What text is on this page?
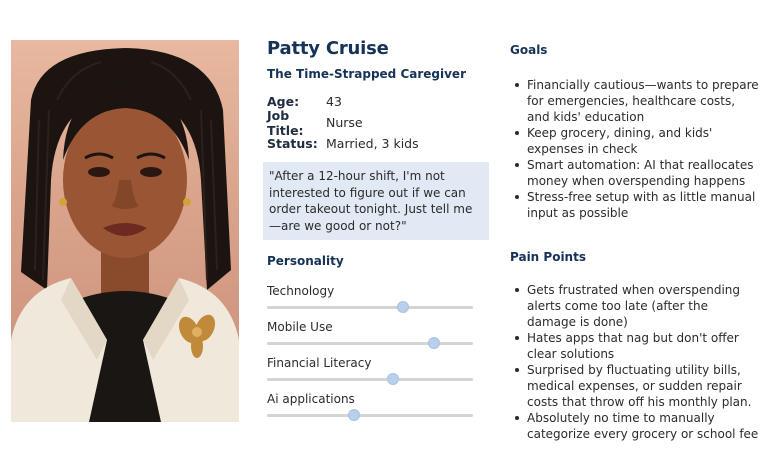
Patty Cruise
The Time-Strapped Caregiver
Age:	43
Job Title:	Nurse
Status: Married, 3 kids
"After a 12-hour shift, I'm not interested to figure out if we can order takeout tonight. Just tell me—are we good or not?"
Personality
Technology
Mobile Use
Financial Literacy
Ai applications
Goals
Financially cautious—wants to prepare for emergencies, healthcare costs, and kids' education
Keep grocery, dining, and kids' expenses in check
Smart automation: AI that reallocates money when overspending happens
Stress-free setup with as little manual input as possible
Pain Points
Gets frustrated when overspending alerts come too late (after the damage is done)
Hates apps that nag but don't offer clear solutions
Surprised by fluctuating utility bills, medical expenses, or sudden repair costs that throw off his monthly plan.
Absolutely no time to manually categorize every grocery or school fee
